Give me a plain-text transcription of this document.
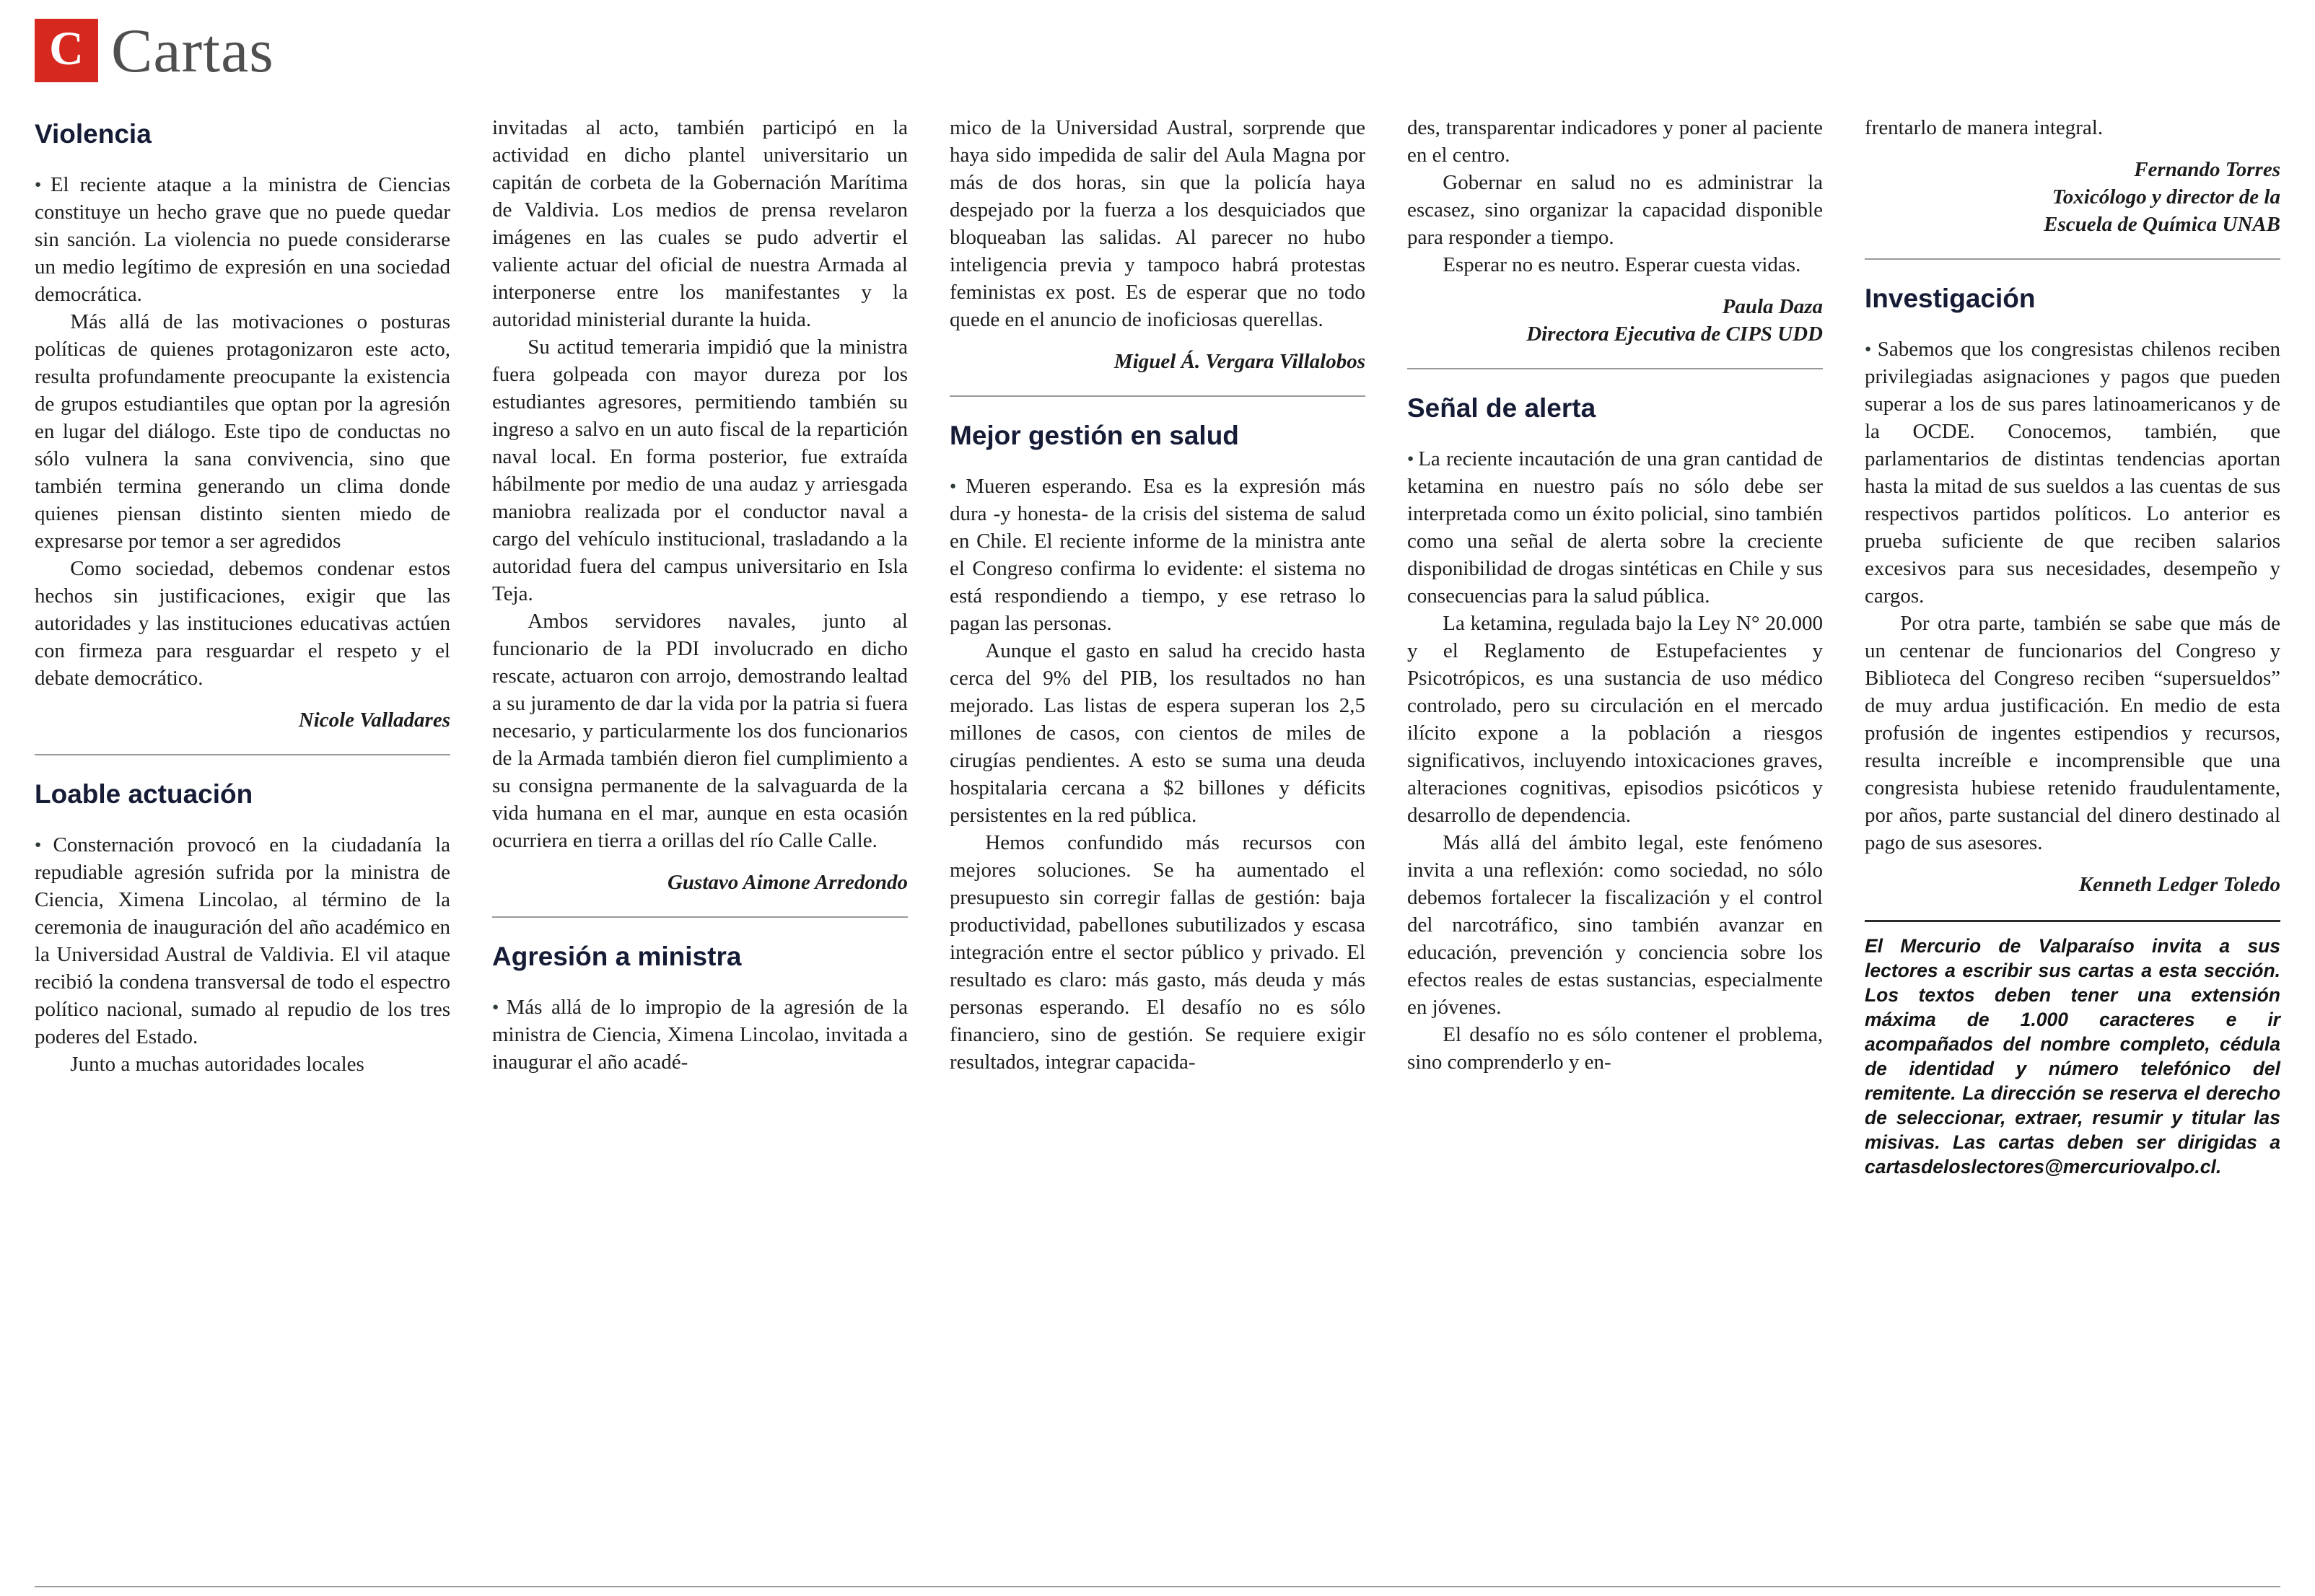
C Cartas
Violencia

● El reciente ataque a la ministra de Ciencias constituye un hecho grave que no puede quedar sin sanción. La violencia no puede considerarse un medio legítimo de expresión en una sociedad democrática.

Más allá de las motivaciones o posturas políticas de quienes protagonizaron este acto, resulta profundamente preocupante la existencia de grupos estudiantiles que optan por la agresión en lugar del diálogo. Este tipo de conductas no sólo vulnera la sana convivencia, sino que también termina generando un clima donde quienes piensan distinto sienten miedo de expresarse por temor a ser agredidos

Como sociedad, debemos condenar estos hechos sin justificaciones, exigir que las autoridades y las instituciones educativas actúen con firmeza para resguardar el respeto y el debate democrático.

Nicole Valladares
Loable actuación

● Consternación provocó en la ciudadanía la repudiable agresión sufrida por la ministra de Ciencia, Ximena Lincolao, al término de la ceremonia de inauguración del año académico en la Universidad Austral de Valdivia. El vil ataque recibió la condena transversal de todo el espectro político nacional, sumado al repudio de los tres poderes del Estado.

Junto a muchas autoridades locales

invitadas al acto, también participó en la actividad en dicho plantel universitario un capitán de corbeta de la Gobernación Marítima de Valdivia. Los medios de prensa revelaron imágenes en las cuales se pudo advertir el valiente actuar del oficial de nuestra Armada al interponerse entre los manifestantes y la autoridad ministerial durante la huida.

Su actitud temeraria impidió que la ministra fuera golpeada con mayor dureza por los estudiantes agresores, permitiendo también su ingreso a salvo en un auto fiscal de la repartición naval local. En forma posterior, fue extraída hábilmente por medio de una audaz y arriesgada maniobra realizada por el conductor naval a cargo del vehículo institucional, trasladando a la autoridad fuera del campus universitario en Isla Teja.

Ambos servidores navales, junto al funcionario de la PDI involucrado en dicho rescate, actuaron con arrojo, demostrando lealtad a su juramento de dar la vida por la patria si fuera necesario, y particularmente los dos funcionarios de la Armada también dieron fiel cumplimiento a su consigna permanente de la salvaguarda de la vida humana en el mar, aunque en esta ocasión ocurriera en tierra a orillas del río Calle Calle.

Gustavo Aimone Arredondo
Agresión a ministra

● Más allá de lo impropio de la agresión de la ministra de Ciencia, Ximena Lincolao, invitada a inaugurar el año acadé-

mico de la Universidad Austral, sorprende que haya sido impedida de salir del Aula Magna por más de dos horas, sin que la policía haya despejado por la fuerza a los desquiciados que bloqueaban las salidas. Al parecer no hubo inteligencia previa y tampoco habrá protestas feministas ex post. Es de esperar que no todo quede en el anuncio de inoficiosas querellas.

Miguel Á. Vergara Villalobos
Mejor gestión en salud

● Mueren esperando. Esa es la expresión más dura -y honesta- de la crisis del sistema de salud en Chile. El reciente informe de la ministra ante el Congreso confirma lo evidente: el sistema no está respondiendo a tiempo, y ese retraso lo pagan las personas.

Aunque el gasto en salud ha crecido hasta cerca del 9% del PIB, los resultados no han mejorado. Las listas de espera superan los 2,5 millones de casos, con cientos de miles de cirugías pendientes. A esto se suma una deuda hospitalaria cercana a $2 billones y déficits persistentes en la red pública.

Hemos confundido más recursos con mejores soluciones. Se ha aumentado el presupuesto sin corregir fallas de gestión: baja productividad, pabellones subutilizados y escasa integración entre el sector público y privado. El resultado es claro: más gasto, más deuda y más personas esperando. El desafío no es sólo financiero, sino de gestión. Se requiere exigir resultados, integrar capacida-

des, transparentar indicadores y poner al paciente en el centro.

Gobernar en salud no es administrar la escasez, sino organizar la capacidad disponible para responder a tiempo.

Esperar no es neutro. Esperar cuesta vidas.

Paula Daza
Directora Ejecutiva de CIPS UDD
Señal de alerta

● La reciente incautación de una gran cantidad de ketamina en nuestro país no sólo debe ser interpretada como un éxito policial, sino también como una señal de alerta sobre la creciente disponibilidad de drogas sintéticas en Chile y sus consecuencias para la salud pública.

La ketamina, regulada bajo la Ley N° 20.000 y el Reglamento de Estupefacientes y Psicotrópicos, es una sustancia de uso médico controlado, pero su circulación en el mercado ilícito expone a la población a riesgos significativos, incluyendo intoxicaciones graves, alteraciones cognitivas, episodios psicóticos y desarrollo de dependencia.

Más allá del ámbito legal, este fenómeno invita a una reflexión: como sociedad, no sólo debemos fortalecer la fiscalización y el control del narcotráfico, sino también avanzar en educación, prevención y conciencia sobre los efectos reales de estas sustancias, especialmente en jóvenes.

El desafío no es sólo contener el problema, sino comprenderlo y en-

frentarlo de manera integral.

Fernando Torres
Toxicólogo y director de la
Escuela de Química UNAB
Investigación

● Sabemos que los congresistas chilenos reciben privilegiadas asignaciones y pagos que pueden superar a los de sus pares latinoamericanos y de la OCDE. Conocemos, también, que parlamentarios de distintas tendencias aportan hasta la mitad de sus sueldos a las cuentas de sus respectivos partidos políticos. Lo anterior es prueba suficiente de que reciben salarios excesivos para sus necesidades, desempeño y cargos.

Por otra parte, también se sabe que más de un centenar de funcionarios del Congreso y Biblioteca del Congreso reciben “supersueldos” de muy ardua justificación. En medio de esta profusión de ingentes estipendios y recursos, resulta increíble e incomprensible que una congresista hubiese retenido fraudulentamente, por años, parte sustancial del dinero destinado al pago de sus asesores.

Kenneth Ledger Toledo
El Mercurio de Valparaíso invita a sus lectores a escribir sus cartas a esta sección. Los textos deben tener una extensión máxima de 1.000 caracteres e ir acompañados del nombre completo, cédula de identidad y número telefónico del remitente. La dirección se reserva el derecho de seleccionar, extraer, resumir y titular las misivas. Las cartas deben ser dirigidas a cartasdeloslectores@mercuriovalpo.cl.
